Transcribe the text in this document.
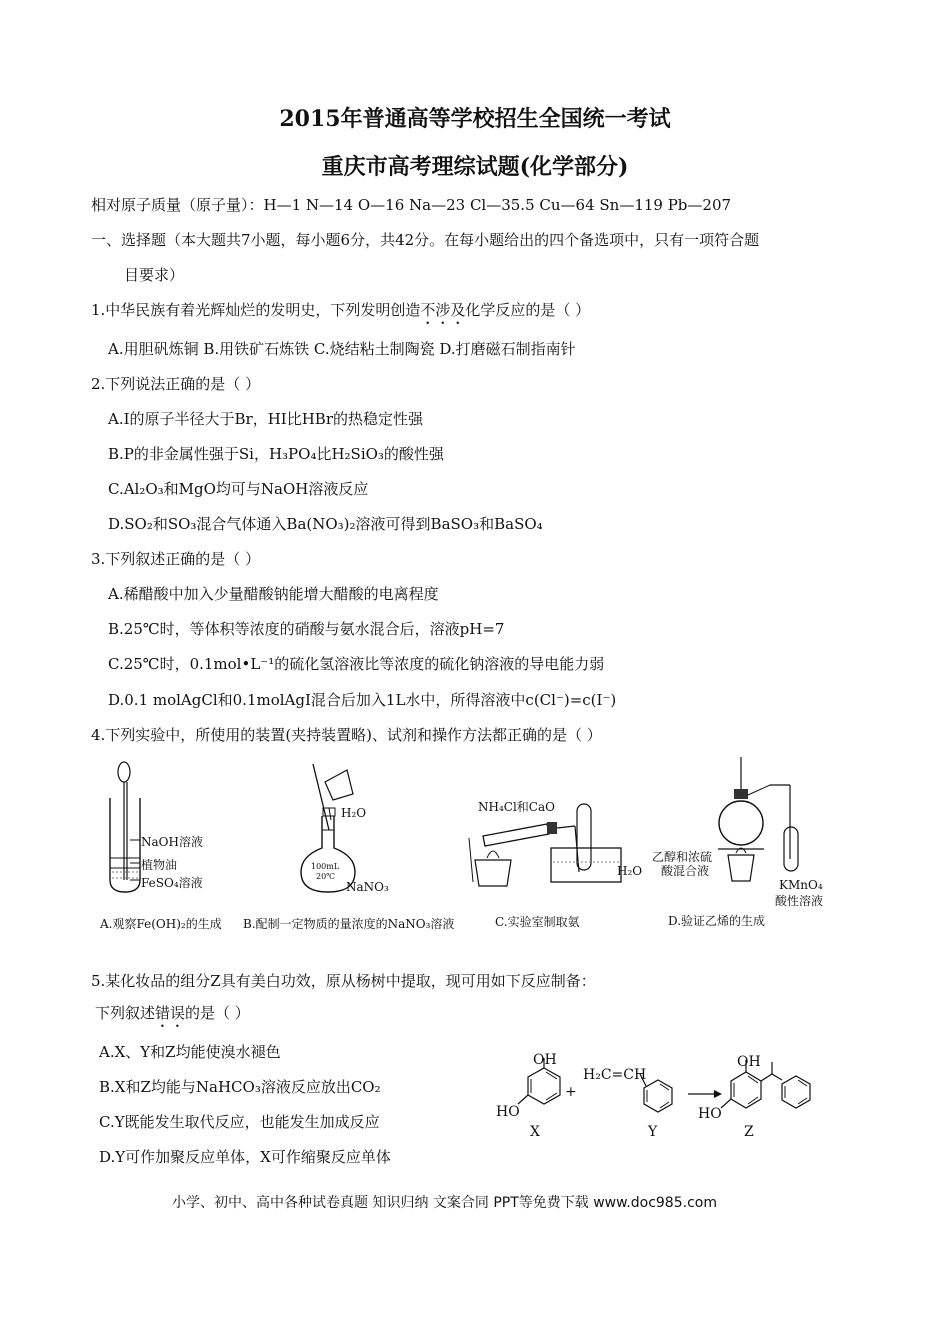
2015年普通高等学校招生全国统一考试
重庆市高考理综试题(化学部分)
相对原子质量（原子量）：H—1 N—14 O—16 Na—23 Cl—35.5 Cu—64 Sn—119 Pb—207
一、选择题（本大题共7小题，每小题6分，共42分。在每小题给出的四个备选项中，只有一项符合题
目要求）
1.中华民族有着光辉灿烂的发明史，下列发明创造不涉及化学反应的是（ ）
A.用胆矾炼铜 B.用铁矿石炼铁 C.烧结粘土制陶瓷 D.打磨磁石制指南针
2.下列说法正确的是（ ）
A.I的原子半径大于Br，HI比HBr的热稳定性强
B.P的非金属性强于Si，H₃PO₄比H₂SiO₃的酸性强
C.Al₂O₃和MgO均可与NaOH溶液反应
D.SO₂和SO₃混合气体通入Ba(NO₃)₂溶液可得到BaSO₃和BaSO₄
3.下列叙述正确的是（ ）
A.稀醋酸中加入少量醋酸钠能增大醋酸的电离程度
B.25℃时，等体积等浓度的硝酸与氨水混合后，溶液pH=7
C.25℃时，0.1mol•L⁻¹的硫化氢溶液比等浓度的硫化钠溶液的导电能力弱
D.0.1 molAgCl和0.1molAgI混合后加入1L水中，所得溶液中c(Cl⁻)=c(I⁻)
4.下列实验中，所使用的装置(夹持装置略)、试剂和操作方法都正确的是（ ）
NaOH溶液
植物油
FeSO₄溶液
A.观察Fe(OH)₂的生成
H₂O
100mL
20℃
NaNO₃
B.配制一定物质的量浓度的NaNO₃溶液
NH₄Cl和CaO
H₂O
C.实验室制取氨
乙醇和浓硫
酸混合液
KMnO₄
酸性溶液
D.验证乙烯的生成
5.某化妆品的组分Z具有美白功效，原从杨树中提取，现可用如下反应制备：
下列叙述错误的是（ ）
A.X、Y和Z均能使溴水褪色
B.X和Z均能与NaHCO₃溶液反应放出CO₂
C.Y既能发生取代反应，也能发生加成反应
D.Y可作加聚反应单体，X可作缩聚反应单体
OH
HO
X
+
H₂C=CH
Y
OH
HO
Z
小学、初中、高中各种试卷真题 知识归纳 文案合同 PPT等免费下载 www.doc985.com
